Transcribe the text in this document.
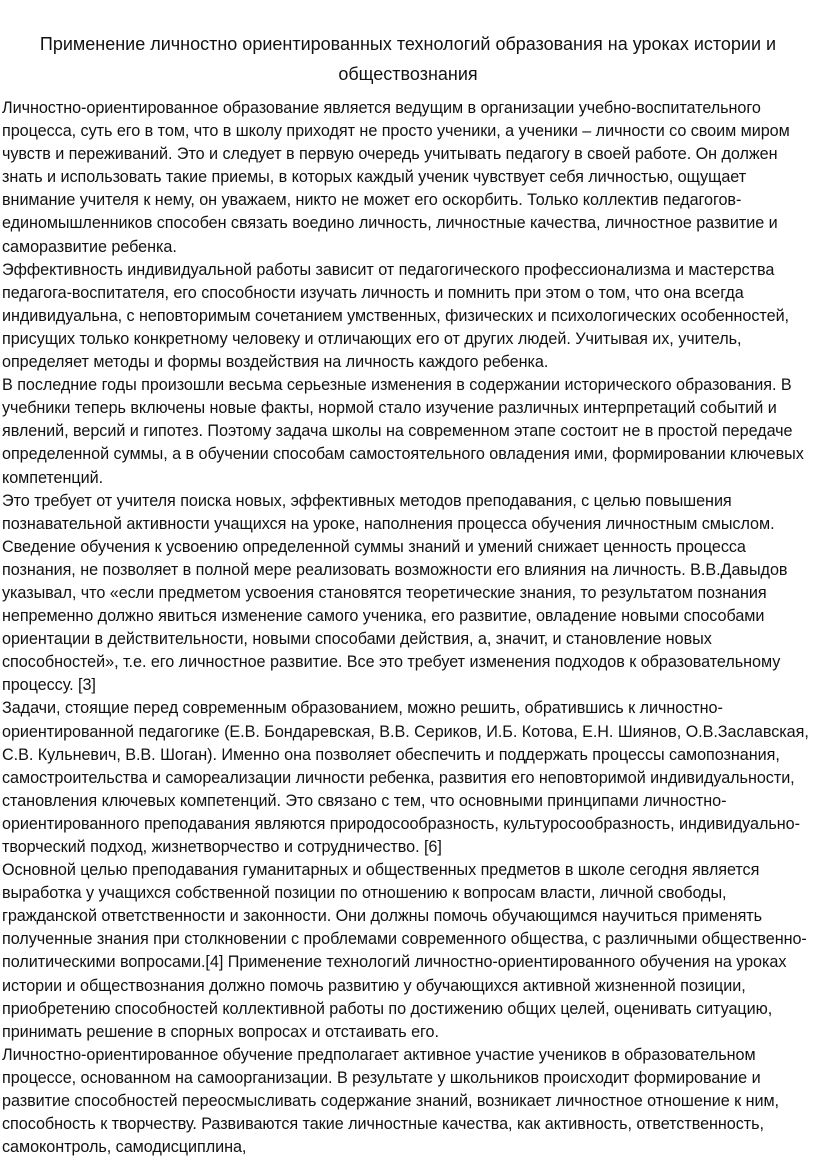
Применение личностно ориентированных технологий образования на уроках истории и обществознания

Личностно-ориентированное образование является ведущим в организации учебно-воспитательного процесса, суть его в том, что в школу приходят не просто ученики, а ученики – личности со своим миром чувств и переживаний. Это и следует в первую очередь учитывать педагогу в своей работе. Он должен знать и использовать такие приемы, в которых каждый ученик чувствует себя личностью, ощущает внимание учителя к нему, он уважаем, никто не может его оскорбить. Только коллектив педагогов-единомышленников способен связать воедино личность, личностные качества, личностное развитие и саморазвитие ребенка.

Эффективность индивидуальной работы зависит от педагогического профессионализма и мастерства педагога-воспитателя, его способности изучать личность и помнить при этом о том, что она всегда индивидуальна, с неповторимым сочетанием умственных, физических и психологических особенностей, присущих только конкретному человеку и отличающих его от других людей. Учитывая их, учитель, определяет методы и формы воздействия на личность каждого ребенка.

В последние годы произошли весьма серьезные изменения в содержании исторического образования. В учебники теперь включены новые факты, нормой стало изучение различных интерпретаций событий и явлений, версий и гипотез. Поэтому задача школы на современном этапе состоит не в простой передаче определенной суммы, а в обучении способам самостоятельного овладения ими, формировании ключевых компетенций.

Это требует от учителя поиска новых, эффективных методов преподавания, с целью повышения познавательной активности учащихся на уроке, наполнения процесса обучения личностным смыслом. Сведение обучения к усвоению определенной суммы знаний и умений снижает ценность процесса познания, не позволяет в полной мере реализовать возможности его влияния на личность. В.В.Давыдов указывал, что «если предметом усвоения становятся теоретические знания, то результатом познания непременно должно явиться изменение самого ученика, его развитие, овладение новыми способами ориентации в действительности, новыми способами действия, а, значит, и становление новых способностей», т.е. его личностное развитие. Все это требует изменения подходов к образовательному процессу. [3]

Задачи, стоящие перед современным образованием, можно решить, обратившись к личностно-ориентированной педагогике (Е.В. Бондаревская, В.В. Сериков, И.Б. Котова, Е.Н. Шиянов, О.В.Заславская, С.В. Кульневич, В.В. Шоган). Именно она позволяет обеспечить и поддержать процессы самопознания, самостроительства и самореализации личности ребенка, развития его неповторимой индивидуальности, становления ключевых компетенций. Это связано с тем, что основными принципами личностно-ориентированного преподавания являются природосообразность, культуросообразность, индивидуально-творческий подход, жизнетворчество и сотрудничество. [6]

Основной целью преподавания гуманитарных и общественных предметов в школе сегодня является выработка у учащихся собственной позиции по отношению к вопросам власти, личной свободы, гражданской ответственности и законности. Они должны помочь обучающимся научиться применять полученные знания при столкновении с проблемами современного общества, с различными общественно-политическими вопросами.[4] Применение технологий личностно-ориентированного обучения на уроках истории и обществознания должно помочь развитию у обучающихся активной жизненной позиции, приобретению способностей коллективной работы по достижению общих целей, оценивать ситуацию, принимать решение в спорных вопросах и отстаивать его.

Личностно-ориентированное обучение предполагает активное участие учеников в образовательном процессе, основанном на самоорганизации. В результате у школьников происходит формирование и развитие способностей переосмысливать содержание знаний, возникает личностное отношение к ним, способность к творчеству. Развиваются такие личностные качества, как активность, ответственность, самоконтроль, самодисциплина,
